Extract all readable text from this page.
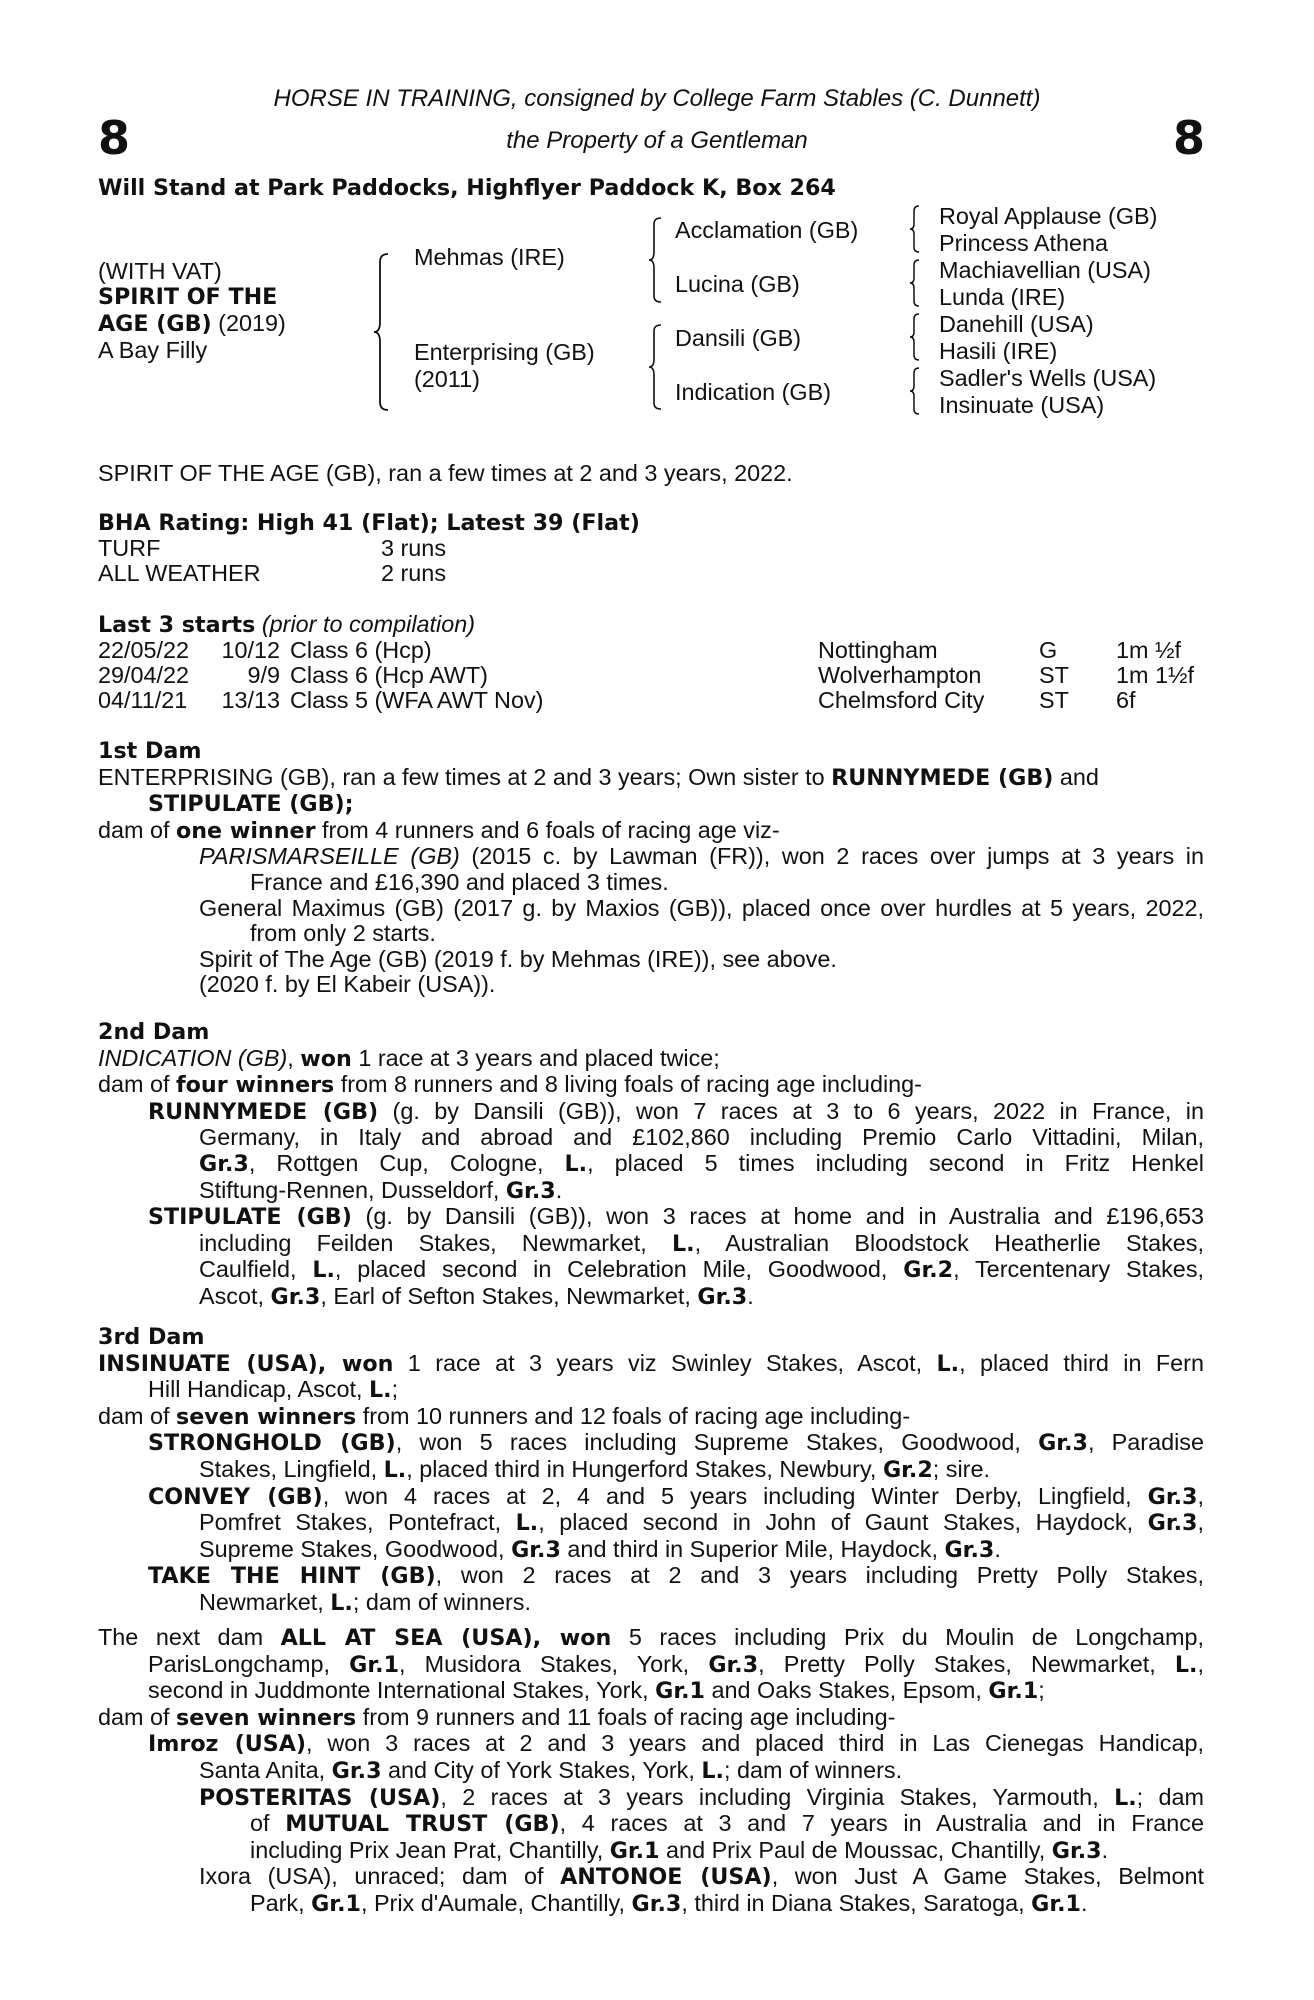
8	8
HORSE IN TRAINING, consigned by College Farm Stables (C. Dunnett)
the Property of a Gentleman
Will Stand at Park Paddocks, Highflyer Paddock K, Box 264
(WITH VAT)
SPIRIT OF THE
AGE (GB) (2019)
A Bay Filly
Mehmas (IRE)
Enterprising (GB)
(2011)
Acclamation (GB)
Lucina (GB)
Dansili (GB)
Indication (GB)
Royal Applause (GB)
Princess Athena
Machiavellian (USA)
Lunda (IRE)
Danehill (USA)
Hasili (IRE)
Sadler's Wells (USA)
Insinuate (USA)
SPIRIT OF THE AGE (GB), ran a few times at 2 and 3 years, 2022.
BHA Rating: High 41 (Flat); Latest 39 (Flat)
TURF	3 runs
ALL WEATHER	2 runs
Last 3 starts (prior to compilation)
22/05/22 10/12 Class 6 (Hcp)	Nottingham	G	1m ½f
29/04/22	9/9 Class 6 (Hcp AWT)	Wolverhampton ST 1m 1½f
04/11/21 13/13 Class 5 (WFA AWT Nov)	Chelmsford City ST 6f
1st Dam
ENTERPRISING (GB), ran a few times at 2 and 3 years; Own sister to RUNNYMEDE (GB) and
STIPULATE (GB);
dam of one winner from 4 runners and 6 foals of racing age viz-
PARISMARSEILLE (GB) (2015 c. by Lawman (FR)), won 2 races over jumps at 3 years in
France and £16,390 and placed 3 times.
General Maximus (GB) (2017 g. by Maxios (GB)), placed once over hurdles at 5 years, 2022,
from only 2 starts.
Spirit of The Age (GB) (2019 f. by Mehmas (IRE)), see above.
(2020 f. by El Kabeir (USA)).
2nd Dam
INDICATION (GB), won 1 race at 3 years and placed twice;
dam of four winners from 8 runners and 8 living foals of racing age including-
RUNNYMEDE (GB) (g. by Dansili (GB)), won 7 races at 3 to 6 years, 2022 in France, in
Germany, in Italy and abroad and £102,860 including Premio Carlo Vittadini, Milan,
Gr.3, Rottgen Cup, Cologne, L., placed 5 times including second in Fritz Henkel
Stiftung-Rennen, Dusseldorf, Gr.3.
STIPULATE (GB) (g. by Dansili (GB)), won 3 races at home and in Australia and £196,653
including Feilden Stakes, Newmarket, L., Australian Bloodstock Heatherlie Stakes,
Caulfield, L., placed second in Celebration Mile, Goodwood, Gr.2, Tercentenary Stakes,
Ascot, Gr.3, Earl of Sefton Stakes, Newmarket, Gr.3.
3rd Dam
INSINUATE (USA), won 1 race at 3 years viz Swinley Stakes, Ascot, L., placed third in Fern
Hill Handicap, Ascot, L.;
dam of seven winners from 10 runners and 12 foals of racing age including-
STRONGHOLD (GB), won 5 races including Supreme Stakes, Goodwood, Gr.3, Paradise
Stakes, Lingfield, L., placed third in Hungerford Stakes, Newbury, Gr.2; sire.
CONVEY (GB), won 4 races at 2, 4 and 5 years including Winter Derby, Lingfield, Gr.3,
Pomfret Stakes, Pontefract, L., placed second in John of Gaunt Stakes, Haydock, Gr.3,
Supreme Stakes, Goodwood, Gr.3 and third in Superior Mile, Haydock, Gr.3.
TAKE THE HINT (GB), won 2 races at 2 and 3 years including Pretty Polly Stakes,
Newmarket, L.; dam of winners.
The next dam ALL AT SEA (USA), won 5 races including Prix du Moulin de Longchamp,
ParisLongchamp, Gr.1, Musidora Stakes, York, Gr.3, Pretty Polly Stakes, Newmarket, L.,
second in Juddmonte International Stakes, York, Gr.1 and Oaks Stakes, Epsom, Gr.1;
dam of seven winners from 9 runners and 11 foals of racing age including-
Imroz (USA), won 3 races at 2 and 3 years and placed third in Las Cienegas Handicap,
Santa Anita, Gr.3 and City of York Stakes, York, L.; dam of winners.
POSTERITAS (USA), 2 races at 3 years including Virginia Stakes, Yarmouth, L.; dam
of MUTUAL TRUST (GB), 4 races at 3 and 7 years in Australia and in France
including Prix Jean Prat, Chantilly, Gr.1 and Prix Paul de Moussac, Chantilly, Gr.3.
Ixora (USA), unraced; dam of ANTONOE (USA), won Just A Game Stakes, Belmont
Park, Gr.1, Prix d'Aumale, Chantilly, Gr.3, third in Diana Stakes, Saratoga, Gr.1.
